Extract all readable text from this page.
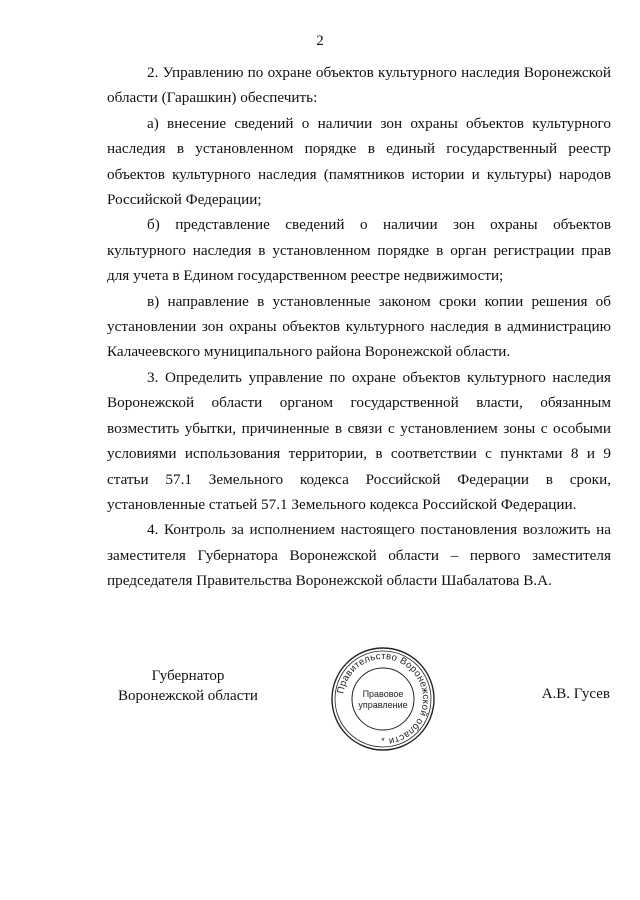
2

2. Управлению по охране объектов культурного наследия Воронежской области (Гарашкин) обеспечить:

а) внесение сведений о наличии зон охраны объектов культурного наследия в установленном порядке в единый государственный реестр объектов культурного наследия (памятников истории и культуры) народов Российской Федерации;

б) представление сведений о наличии зон охраны объектов культурного наследия в установленном порядке в орган регистрации прав для учета в Едином государственном реестре недвижимости;

в) направление в установленные законом сроки копии решения об установлении зон охраны объектов культурного наследия в администрацию Калачеевского муниципального района Воронежской области.

3. Определить управление по охране объектов культурного наследия Воронежской области органом государственной власти, обязанным возместить убытки, причиненные в связи с установлением зоны с особыми условиями использования территории, в соответствии с пунктами 8 и 9 статьи 57.1 Земельного кодекса Российской Федерации в сроки, установленные статьей 57.1 Земельного кодекса Российской Федерации.

4. Контроль за исполнением настоящего постановления возложить на заместителя Губернатора Воронежской области – первого заместителя председателя Правительства Воронежской области Шабалатова В.А.

Губернатор
Воронежской области	Правительство Воронежской области
Правовое
управление
*
А.В. Гусев
